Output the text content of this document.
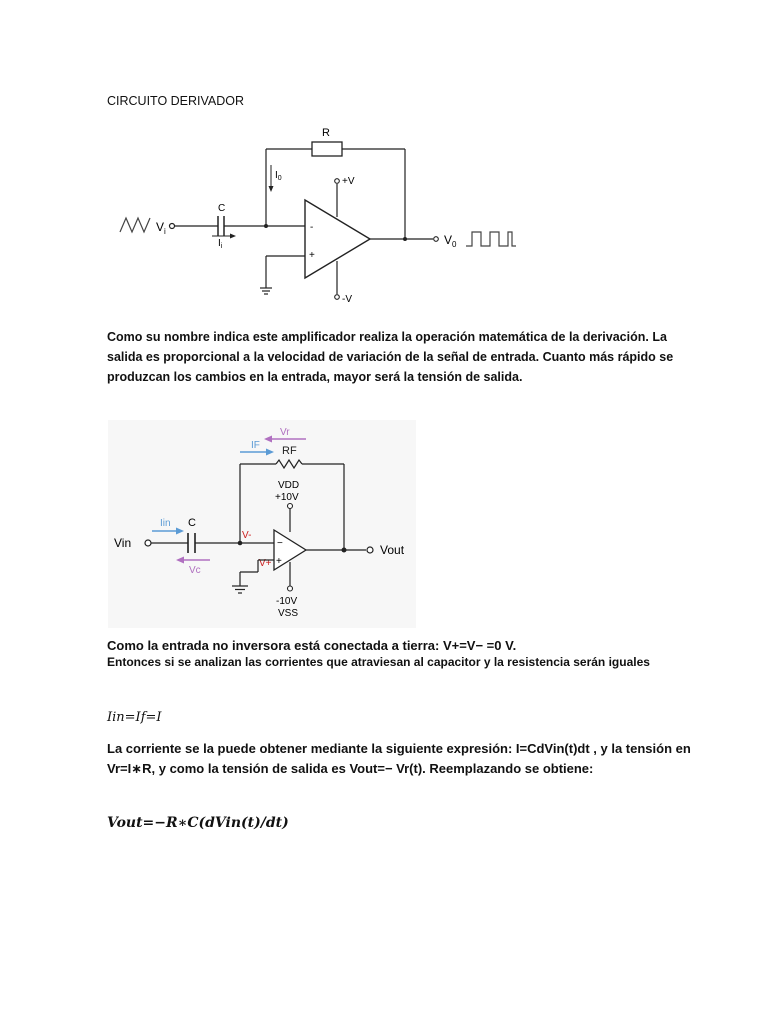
CIRCUITO DERIVADOR
$V_i$
C
$I_i$
R
$I_0$
-
+
+V
-V
$V_0$
Como su nombre indica este amplificador realiza la operación matemática de la derivación. La
salida es proporcional a la velocidad de variación de la señal de entrada. Cuanto más rápido se
produzcan los cambios en la entrada, mayor será la tensión de salida.
Vr
IF RF
VDD
+10V
Iin C
Vin
Vc
V-
−
+
V+
-10V
VSS
Vout
Como la entrada no inversora está conectada a tierra: V+=V− =0 V.
Entonces si se analizan las corrientes que atraviesan al capacitor y la resistencia serán iguales
Iin=If=I
La corriente se la puede obtener mediante la siguiente expresión: I=CdVin(t)dt , y la tensión en
Vr=I∗R, y como la tensión de salida es Vout=− Vr(t). Reemplazando se obtiene:
Vout=−R∗C(dVin(t)/dt)
